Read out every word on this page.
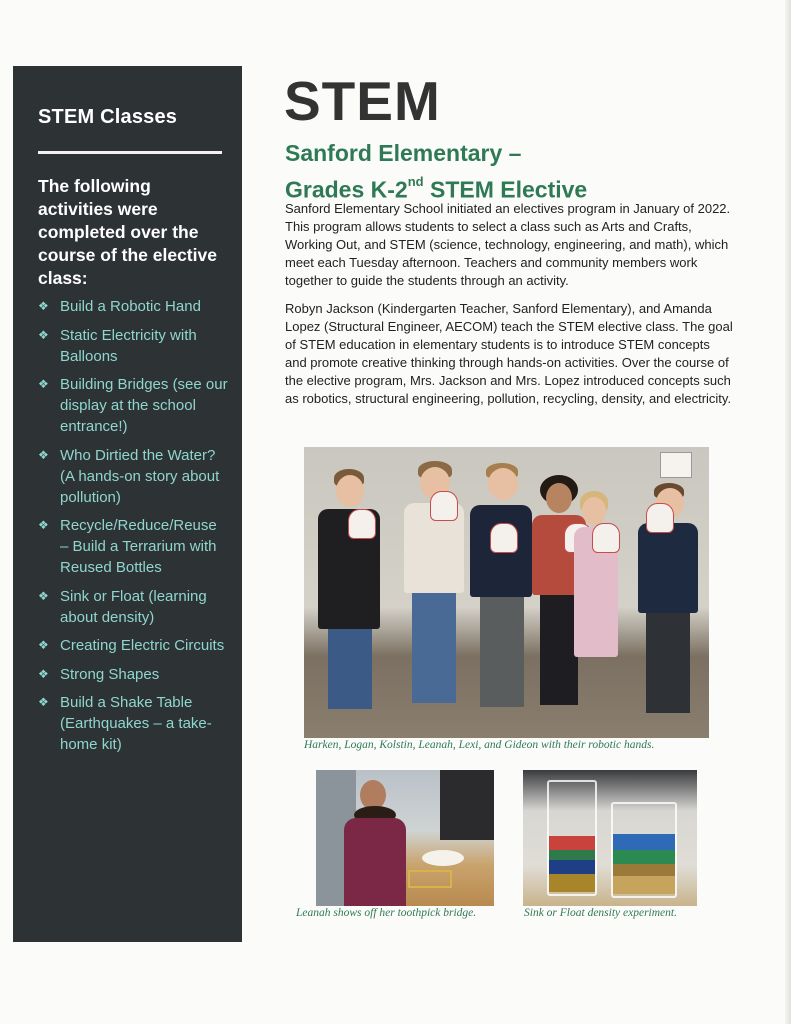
STEM Classes
The following activities were completed over the course of the elective class:
❖ Build a Robotic Hand
❖ Static Electricity with Balloons
❖ Building Bridges (see our display at the school entrance!)
❖ Who Dirtied the Water? (A hands-on story about pollution)
❖ Recycle/Reduce/Reuse – Build a Terrarium with Reused Bottles
❖ Sink or Float (learning about density)
❖ Creating Electric Circuits
❖ Strong Shapes
❖ Build a Shake Table (Earthquakes – a take-home kit)
STEM
Sanford Elementary –
Grades K-2nd STEM Elective

Sanford Elementary School initiated an electives program in January of 2022. This program allows students to select a class such as Arts and Crafts, Working Out, and STEM (science, technology, engineering, and math), which meet each Tuesday afternoon. Teachers and community members work together to guide the students through an activity.

Robyn Jackson (Kindergarten Teacher, Sanford Elementary), and Amanda Lopez (Structural Engineer, AECOM) teach the STEM elective class. The goal of STEM education in elementary students is to introduce STEM concepts and promote creative thinking through hands-on activities. Over the course of the elective program, Mrs. Jackson and Mrs. Lopez introduced concepts such as robotics, structural engineering, pollution, recycling, density, and electricity.

Harken, Logan, Kolstin, Leanah, Lexi, and Gideon with their robotic hands.
Leanah shows off her toothpick bridge.	Sink or Float density experiment.
